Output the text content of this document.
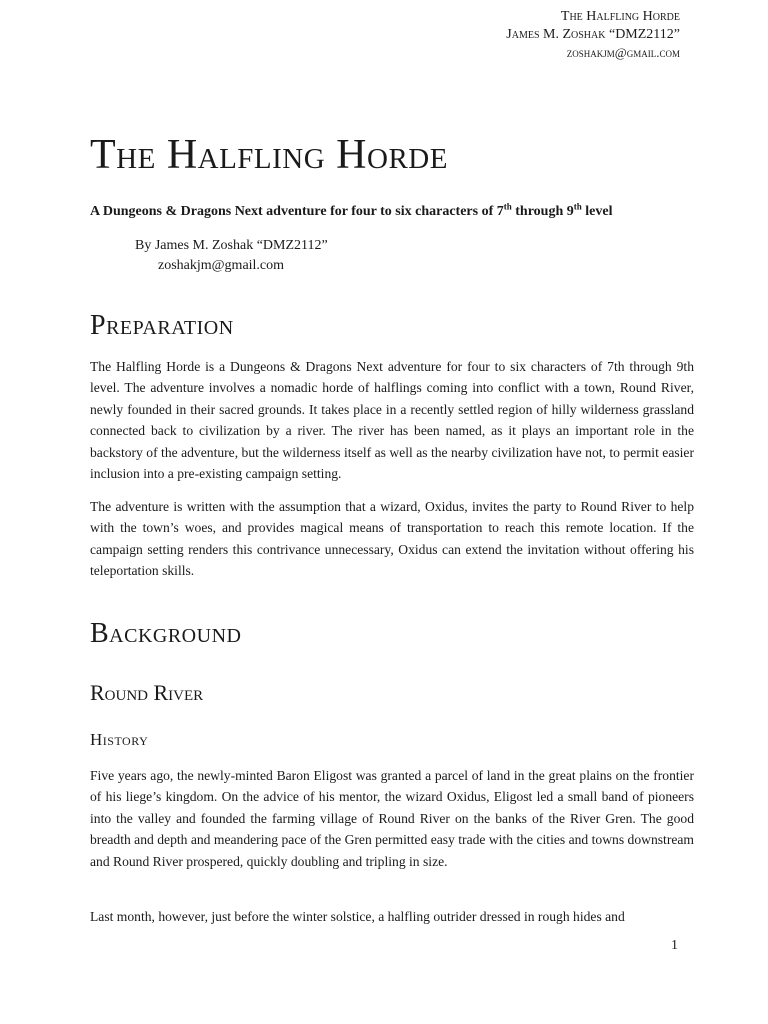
The Halfling Horde
James M. Zoshak “DMZ2112”
zoshakjm@gmail.com
The Halfling Horde
A Dungeons & Dragons Next adventure for four to six characters of 7th through 9th level
By James M. Zoshak “DMZ2112”
zoshakjm@gmail.com
Preparation

The Halfling Horde is a Dungeons & Dragons Next adventure for four to six characters of 7th through 9th level. The adventure involves a nomadic horde of halflings coming into conflict with a town, Round River, newly founded in their sacred grounds. It takes place in a recently settled region of hilly wilderness grassland connected back to civilization by a river. The river has been named, as it plays an important role in the backstory of the adventure, but the wilderness itself as well as the nearby civilization have not, to permit easier inclusion into a pre-existing campaign setting.

The adventure is written with the assumption that a wizard, Oxidus, invites the party to Round River to help with the town’s woes, and provides magical means of transportation to reach this remote location. If the campaign setting renders this contrivance unnecessary, Oxidus can extend the invitation without offering his teleportation skills.

Background
Round River
History

Five years ago, the newly-minted Baron Eligost was granted a parcel of land in the great plains on the frontier of his liege’s kingdom. On the advice of his mentor, the wizard Oxidus, Eligost led a small band of pioneers into the valley and founded the farming village of Round River on the banks of the River Gren. The good breadth and depth and meandering pace of the Gren permitted easy trade with the cities and towns downstream and Round River prospered, quickly doubling and tripling in size.

Last month, however, just before the winter solstice, a halfling outrider dressed in rough hides and

1
